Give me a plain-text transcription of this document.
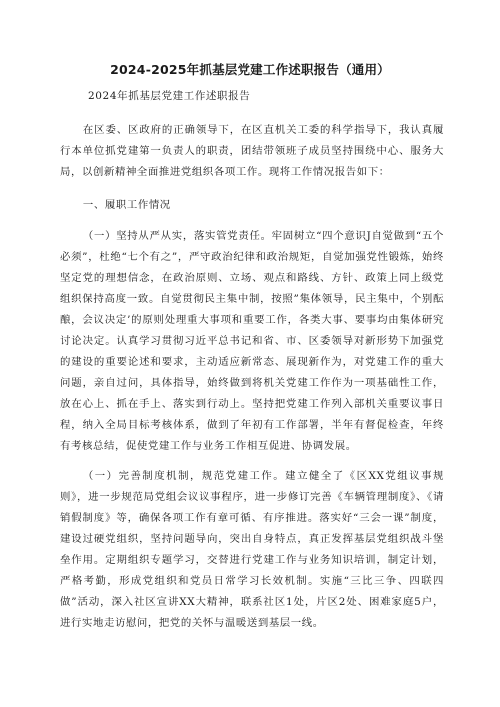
2024-2025年抓基层党建工作述职报告（通用）
2024年抓基层党建工作述职报告

在区委、区政府的正确领导下，在区直机关工委的科学指导下，我认真履行本单位抓党建第一负责人的职责，团结带领班子成员坚持围绕中心、服务大局，以创新精神全面推进党组织各项工作。现将工作情况报告如下：

一、履职工作情况

（一）坚持从严从实，落实管党责任。牢固树立“四个意识J自觉做到“五个必须”，杜绝“七个有之”，严守政治纪律和政治规矩，自觉加强党性锻炼，始终坚定党的理想信念，在政治原则、立场、观点和路线、方针、政策上同上级党组织保持高度一致。自觉贯彻民主集中制，按照”集体领导，民主集中，个别酝酿，会议决定’的原则处理重大事项和重要工作，各类大事、要事均由集体研究讨论决定。认真学习贯彻习近平总书记和省、市、区委领导对新形势下加强党的建设的重要论述和要求，主动适应新常态、展现新作为，对党建工作的重大问题，亲自过问，具体指导，始终做到将机关党建工作作为一项基础性工作，放在心上、抓在手上、落实到行动上。坚持把党建工作列入部机关重要议事日程，纳入全局目标考核体系，做到了年初有工作部署，半年有督促检查，年终有考核总结，促使党建工作与业务工作相互促进、协调发展。

（一）完善制度机制，规范党建工作。建立健全了《区XX党组议事规则》，进一步规范局党组会议议事程序，进一步修订完善《车辆管理制度》、《请销假制度》等，确保各项工作有章可循、有序推进。落实好“三会一课”制度，建设过硬党组织，坚持问题导向，突出自身特点，真正发挥基层党组织战斗堡垒作用。定期组织专题学习，交替进行党建工作与业务知识培训，制定计划，严格考勤，形成党组织和党员日常学习长效机制。实施“三比三争、四联四做”活动，深入社区宣讲XX大精神，联系社区1处，片区2处、困难家庭5户，进行实地走访慰问，把党的关怀与温暖送到基层一线。
